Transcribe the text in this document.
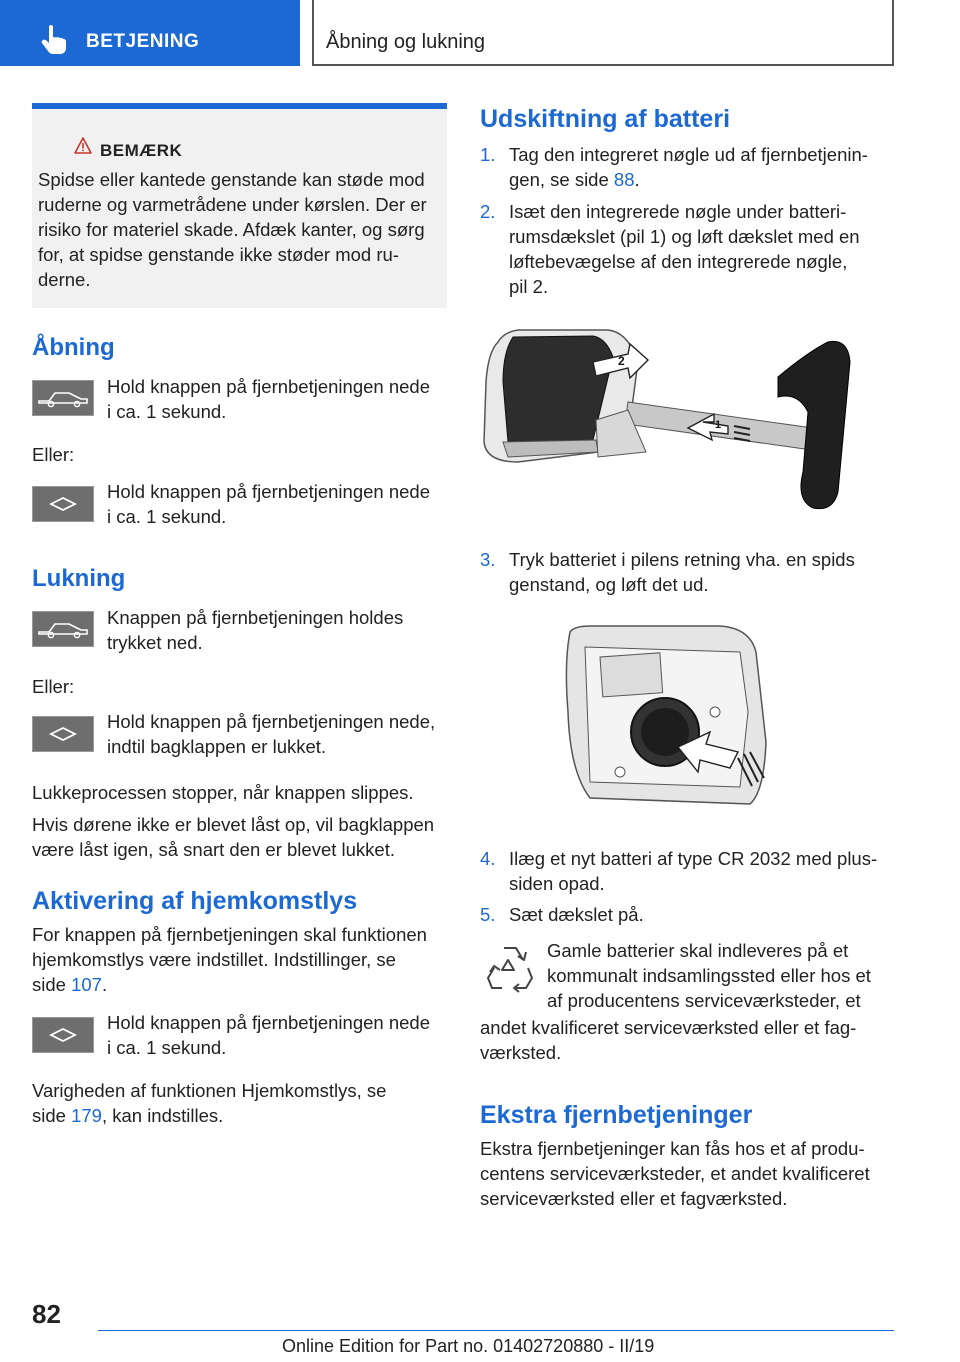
BETJENING	Åbning og lukning
BEMÆRK
Spidse eller kantede genstande kan støde mod
ruderne og varmetrådene under kørslen. Der er
risiko for materiel skade. Afdæk kanter, og sørg
for, at spidse genstande ikke støder mod ru-
derne.
Åbning
Hold knappen på fjernbetjeningen nede
i ca. 1 sekund.
Eller:
Hold knappen på fjernbetjeningen nede
i ca. 1 sekund.
Lukning
Knappen på fjernbetjeningen holdes
trykket ned.
Eller:
Hold knappen på fjernbetjeningen nede,
indtil bagklappen er lukket.
Lukkeprocessen stopper, når knappen slippes.
Hvis dørene ikke er blevet låst op, vil bagklappen
være låst igen, så snart den er blevet lukket.
Aktivering af hjemkomstlys
For knappen på fjernbetjeningen skal funktionen
hjemkomstlys være indstillet. Indstillinger, se
side 107.
Hold knappen på fjernbetjeningen nede
i ca. 1 sekund.
Varigheden af funktionen Hjemkomstlys, se
side 179, kan indstilles.
Udskiftning af batteri
1. Tag den integreret nøgle ud af fjernbetjenin-
gen, se side 88.
2. Isæt den integrerede nøgle under batteri-
rumsdækslet (pil 1) og løft dækslet med en
løftebevægelse af den integrerede nøgle,
pil 2.
2
1
3. Tryk batteriet i pilens retning vha. en spids
genstand, og løft det ud.
4. Ilæg et nyt batteri af type CR 2032 med plus-
siden opad.
5. Sæt dækslet på.
Gamle batterier skal indleveres på et
kommunalt indsamlingssted eller hos et
af producentens serviceværksteder, et
andet kvalificeret serviceværksted eller et fag-
værksted.
Ekstra fjernbetjeninger
Ekstra fjernbetjeninger kan fås hos et af produ-
centens serviceværksteder, et andet kvalificeret
serviceværksted eller et fagværksted.
82
Online Edition for Part no. 01402720880 - II/19
